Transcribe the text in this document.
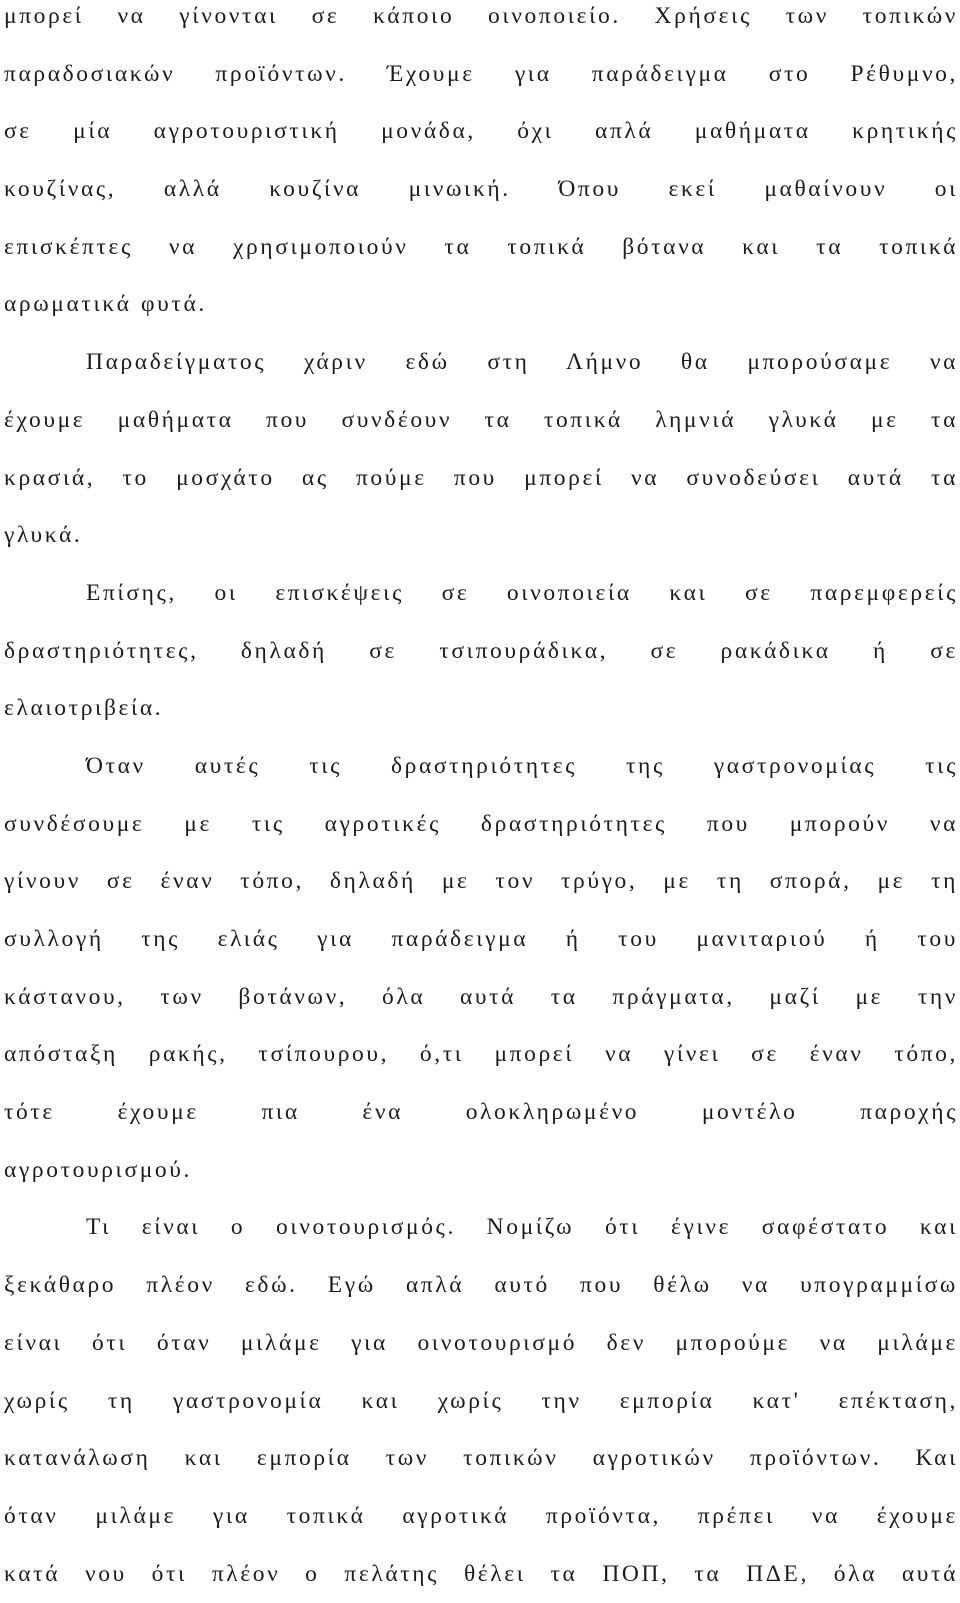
μπορεί να γίνονται σε κάποιο οινοποιείο. Χρήσεις των τοπικών
παραδοσιακών προϊόντων. Έχουμε για παράδειγμα στο Ρέθυμνο,
σε μία αγροτουριστική μονάδα, όχι απλά μαθήματα κρητικής
κουζίνας, αλλά κουζίνα μινωική. Όπου εκεί μαθαίνουν οι
επισκέπτες να χρησιμοποιούν τα τοπικά βότανα και τα τοπικά
αρωματικά φυτά.
Παραδείγματος χάριν εδώ στη Λήμνο θα μπορούσαμε να
έχουμε μαθήματα που συνδέουν τα τοπικά λημνιά γλυκά με τα
κρασιά, το μοσχάτο ας πούμε που μπορεί να συνοδεύσει αυτά τα
γλυκά.
Επίσης, οι επισκέψεις σε οινοποιεία και σε παρεμφερείς
δραστηριότητες, δηλαδή σε τσιπουράδικα, σε ρακάδικα ή σε
ελαιοτριβεία.
Όταν αυτές τις δραστηριότητες της γαστρονομίας τις
συνδέσουμε με τις αγροτικές δραστηριότητες που μπορούν να
γίνουν σε έναν τόπο, δηλαδή με τον τρύγο, με τη σπορά, με τη
συλλογή της ελιάς για παράδειγμα ή του μανιταριού ή του
κάστανου, των βοτάνων, όλα αυτά τα πράγματα, μαζί με την
απόσταξη ρακής, τσίπουρου, ό,τι μπορεί να γίνει σε έναν τόπο,
τότε έχουμε πια ένα ολοκληρωμένο μοντέλο παροχής
αγροτουρισμού.
Τι είναι ο οινοτουρισμός. Νομίζω ότι έγινε σαφέστατο και
ξεκάθαρο πλέον εδώ. Εγώ απλά αυτό που θέλω να υπογραμμίσω
είναι ότι όταν μιλάμε για οινοτουρισμό δεν μπορούμε να μιλάμε
χωρίς τη γαστρονομία και χωρίς την εμπορία κατ' επέκταση,
κατανάλωση και εμπορία των τοπικών αγροτικών προϊόντων. Και
όταν μιλάμε για τοπικά αγροτικά προϊόντα, πρέπει να έχουμε
κατά νου ότι πλέον ο πελάτης θέλει τα ΠΟΠ, τα ΠΔΕ, όλα αυτά
